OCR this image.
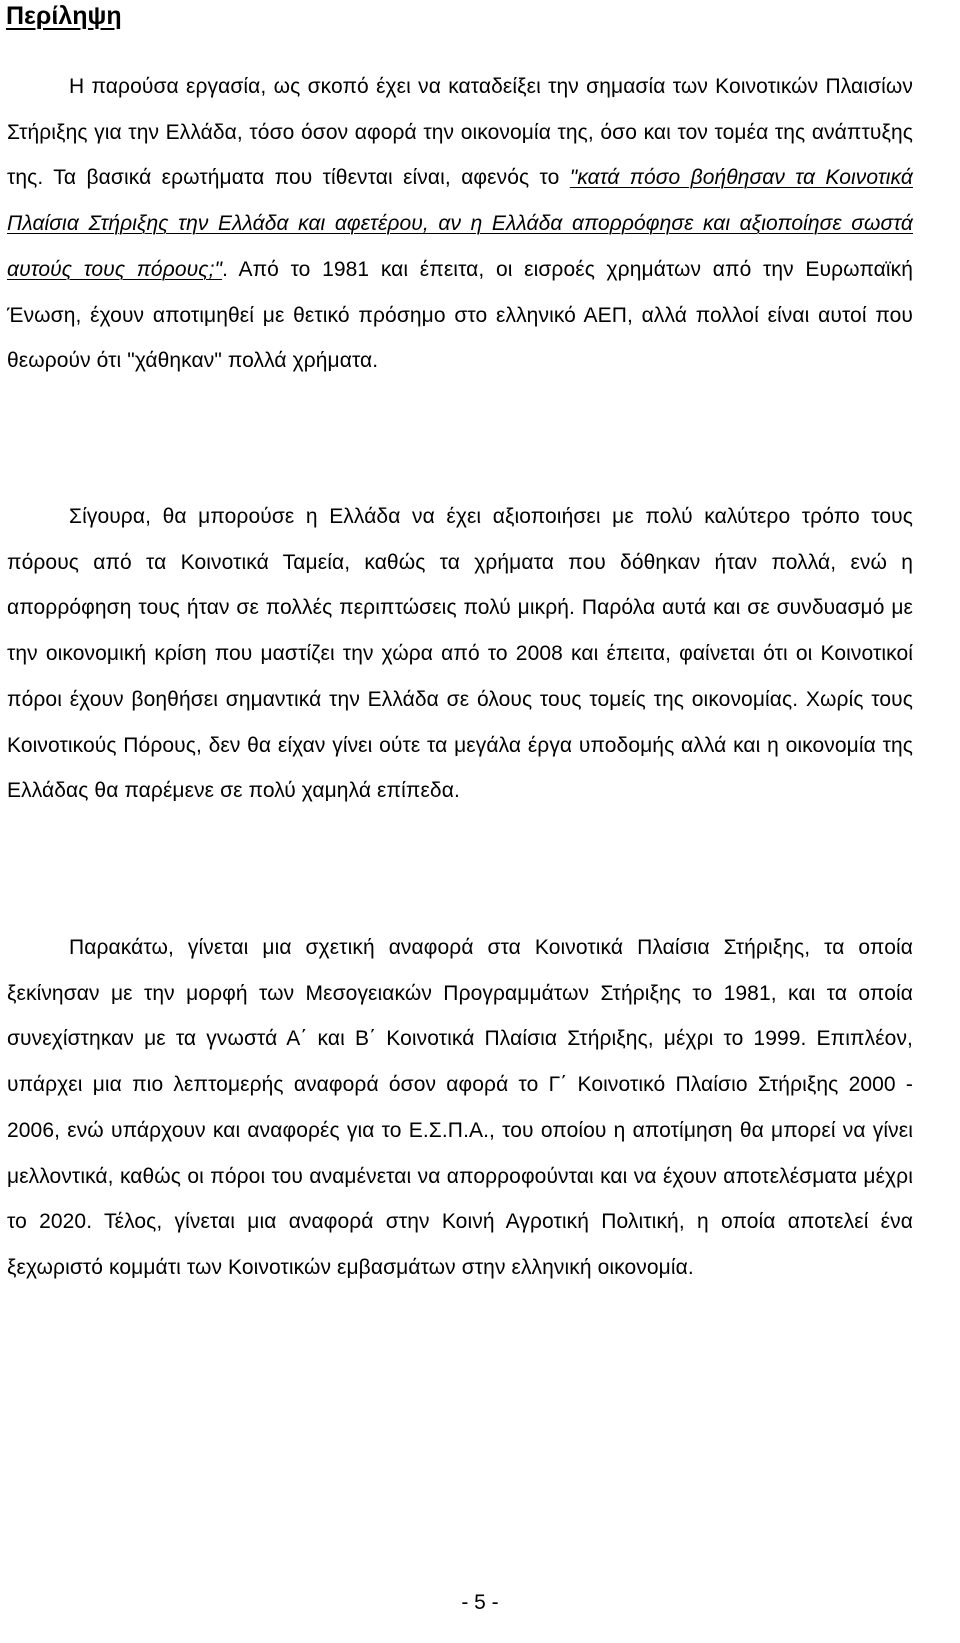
Περίληψη

Η παρούσα εργασία, ως σκοπό έχει να καταδείξει την σημασία των Κοινοτικών Πλαισίων Στήριξης για την Ελλάδα, τόσο όσον αφορά την οικονομία της, όσο και τον τομέα της ανάπτυξης της. Τα βασικά ερωτήματα που τίθενται είναι, αφενός το "κατά πόσο βοήθησαν τα Κοινοτικά Πλαίσια Στήριξης την Ελλάδα και αφετέρου, αν η Ελλάδα απορρόφησε και αξιοποίησε σωστά αυτούς τους πόρους;". Από το 1981 και έπειτα, οι εισροές χρημάτων από την Ευρωπαϊκή Ένωση, έχουν αποτιμηθεί με θετικό πρόσημο στο ελληνικό ΑΕΠ, αλλά πολλοί είναι αυτοί που θεωρούν ότι "χάθηκαν" πολλά χρήματα.

Σίγουρα, θα μπορούσε η Ελλάδα να έχει αξιοποιήσει με πολύ καλύτερο τρόπο τους πόρους από τα Κοινοτικά Ταμεία, καθώς τα χρήματα που δόθηκαν ήταν πολλά, ενώ η απορρόφηση τους ήταν σε πολλές περιπτώσεις πολύ μικρή. Παρόλα αυτά και σε συνδυασμό με την οικονομική κρίση που μαστίζει την χώρα από το 2008 και έπειτα, φαίνεται ότι οι Κοινοτικοί πόροι έχουν βοηθήσει σημαντικά την Ελλάδα σε όλους τους τομείς της οικονομίας. Χωρίς τους Κοινοτικούς Πόρους, δεν θα είχαν γίνει ούτε τα μεγάλα έργα υποδομής αλλά και η οικονομία της Ελλάδας θα παρέμενε σε πολύ χαμηλά επίπεδα.

Παρακάτω, γίνεται μια σχετική αναφορά στα Κοινοτικά Πλαίσια Στήριξης, τα οποία ξεκίνησαν με την μορφή των Μεσογειακών Προγραμμάτων Στήριξης το 1981, και τα οποία συνεχίστηκαν με τα γνωστά Α΄ και Β΄ Κοινοτικά Πλαίσια Στήριξης, μέχρι το 1999. Επιπλέον, υπάρχει μια πιο λεπτομερής αναφορά όσον αφορά το Γ΄ Κοινοτικό Πλαίσιο Στήριξης 2000 - 2006, ενώ υπάρχουν και αναφορές για το Ε.Σ.Π.Α., του οποίου η αποτίμηση θα μπορεί να γίνει μελλοντικά, καθώς οι πόροι του αναμένεται να απορροφούνται και να έχουν αποτελέσματα μέχρι το 2020. Τέλος, γίνεται μια αναφορά στην Κοινή Αγροτική Πολιτική, η οποία αποτελεί ένα ξεχωριστό κομμάτι των Κοινοτικών εμβασμάτων στην ελληνική οικονομία.

- 5 -
